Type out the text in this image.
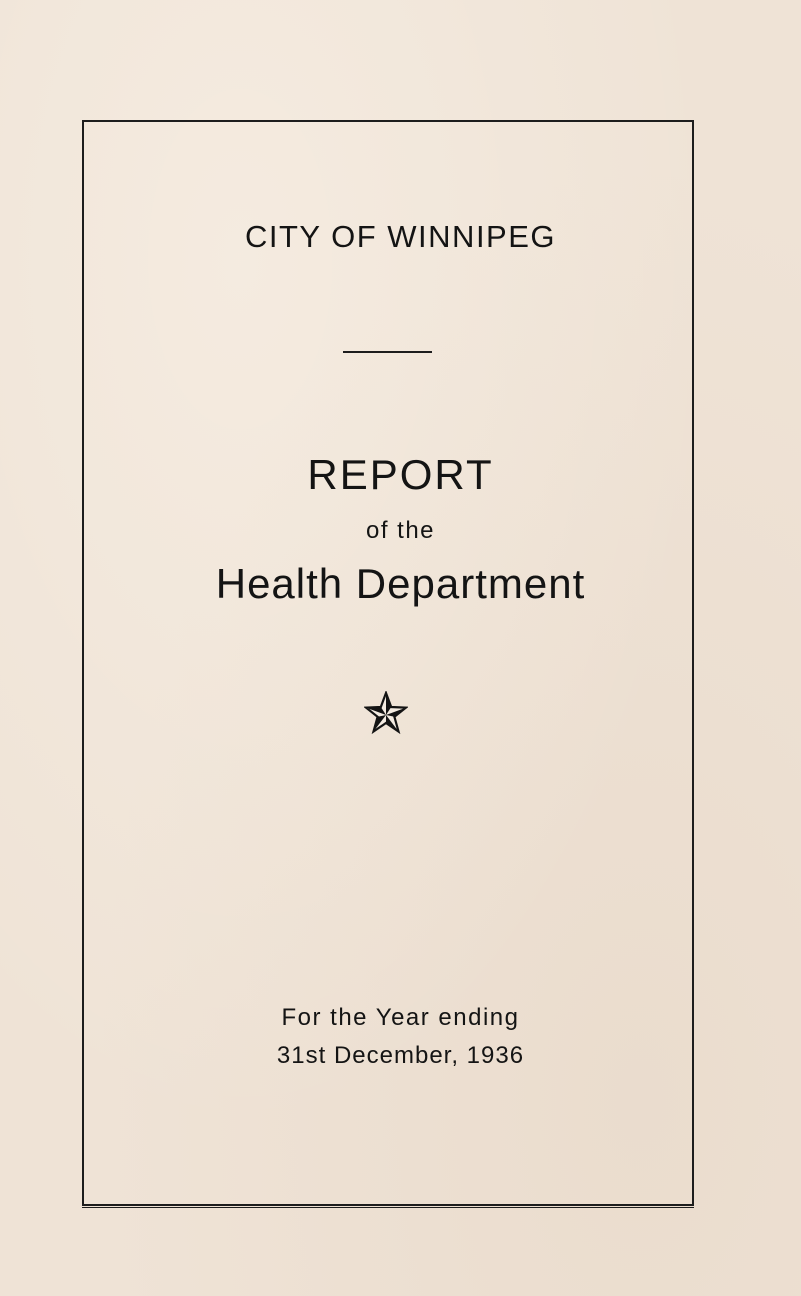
CITY OF WINNIPEG
REPORT
of the
Health Department
For the Year ending
31st December, 1936
